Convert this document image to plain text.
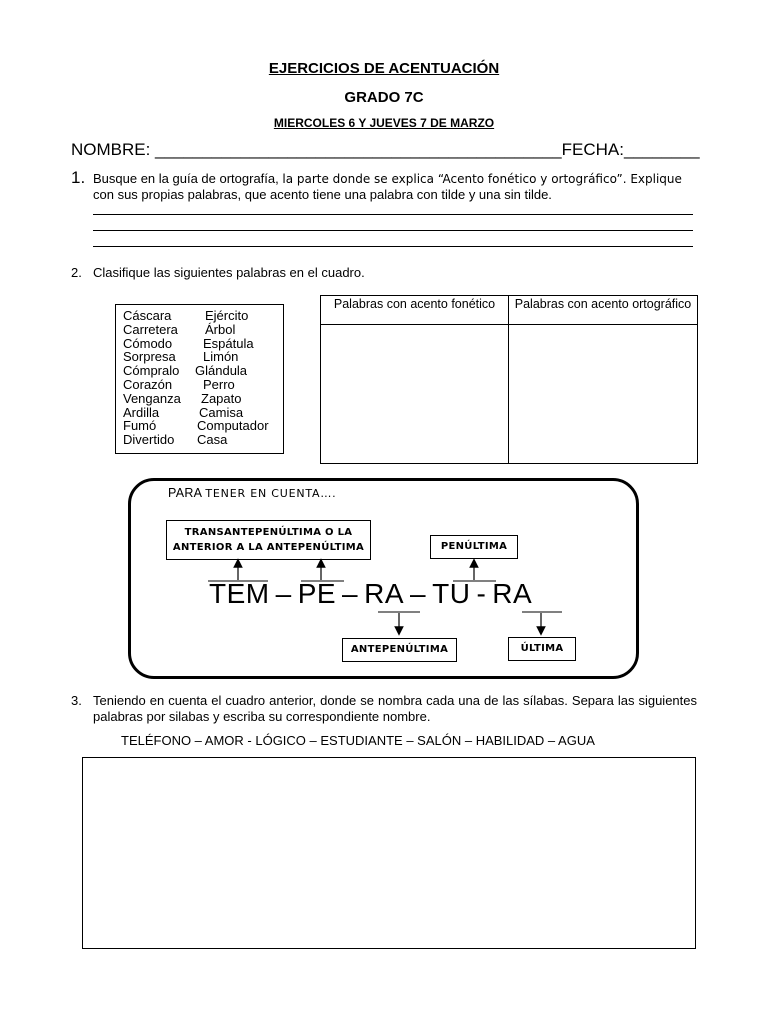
EJERCICIOS DE ACENTUACIÓN
GRADO 7C
MIERCOLES 6 Y JUEVES 7 DE MARZO
NOMBRE: ___________________________________________FECHA:________
1. Busque en la guía de ortografía, la parte donde se explica “Acento fonético y ortográfico”. Explique
con sus propias palabras, que acento tiene una palabra con tilde y una sin tilde.
2. Clasifique las siguientes palabras en el cuadro.
Cáscara	Ejército
Carretera Árbol
Cómodo Espátula
Sorpresa Limón
Cómpralo Glándula
Corazón Perro
Venganza Zapato
Ardilla	Camisa
Fumó	Computador
Divertido Casa
Palabras con acento fonético	Palabras con acento ortográfico
PARA TENER EN CUENTA….
TRANSANTEPENÚLTIMA O LA ANTERIOR A LA ANTEPENÚLTIMA	PENÚLTIMA
ANTEPENÚLTIMA	ÚLTIMA
TEM – PE – RA – TU - RA
3. Teniendo en cuenta el cuadro anterior, donde se nombra cada una de las sílabas. Separa las siguientes palabras por silabas y escriba su correspondiente nombre.
TELÉFONO – AMOR - LÓGICO – ESTUDIANTE – SALÓN – HABILIDAD – AGUA
